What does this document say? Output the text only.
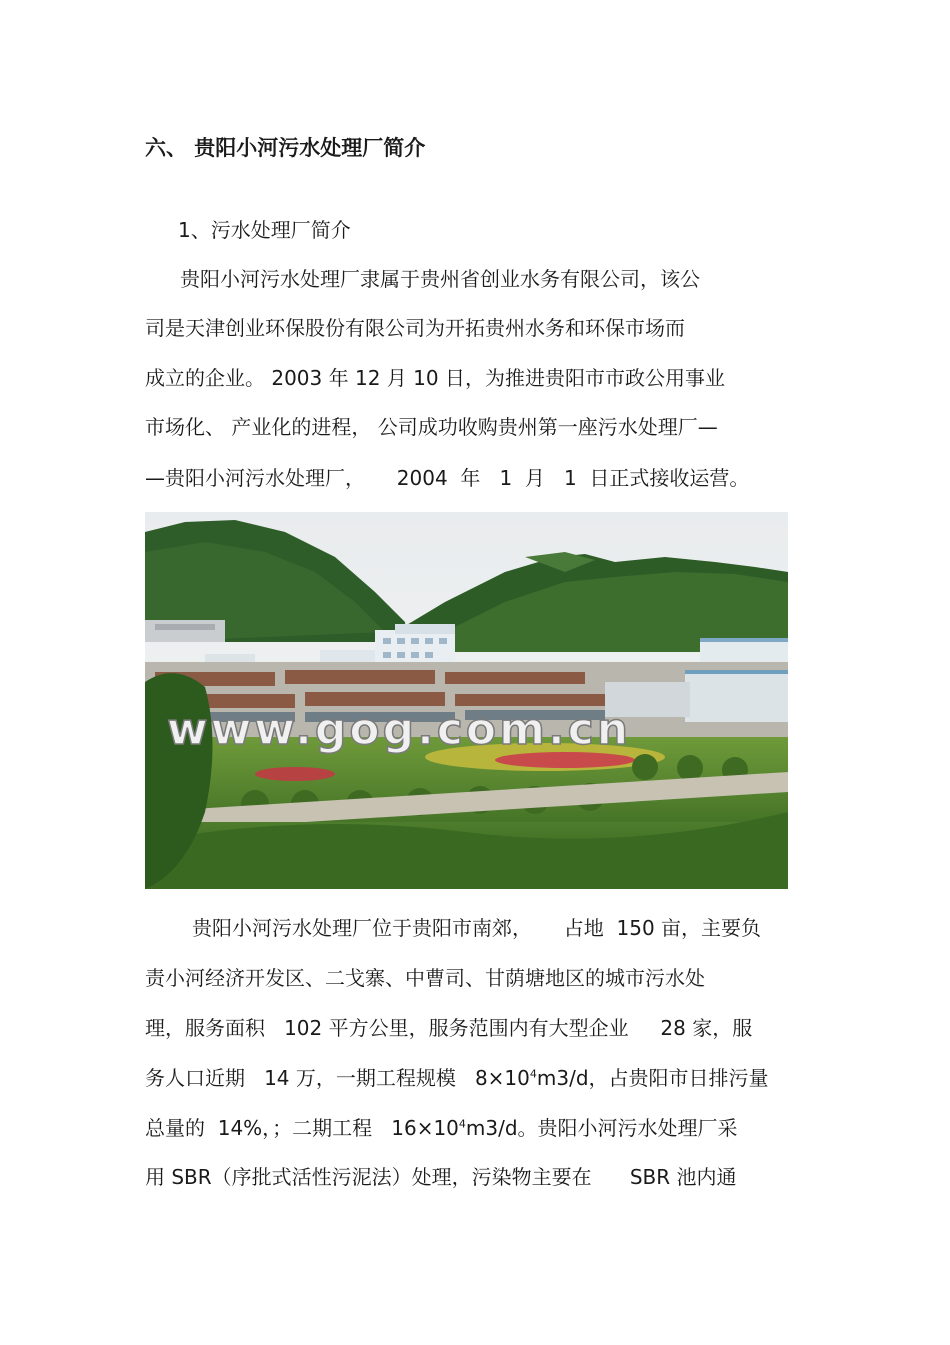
六、 贵阳小河污水处理厂简介
1、污水处理厂简介

贵阳小河污水处理厂隶属于贵州省创业水务有限公司，该公

司是天津创业环保股份有限公司为开拓贵州水务和环保市场而

成立的企业。 2003 年 12 月 10 日，为推进贵阳市市政公用事业

市场化、 产业化的进程， 公司成功收购贵州第一座污水处理厂—

—贵阳小河污水处理厂，     2004  年   1  月   1  日正式接收运营。

www.gog.com.cn

贵阳小河污水处理厂位于贵阳市南郊，     占地  150 亩，主要负

责小河经济开发区、二戈寨、中曹司、甘荫塘地区的城市污水处

理，服务面积   102 平方公里，服务范围内有大型企业     28 家，服

务人口近期   14 万，一期工程规模   $8\times 10^4m3/d$，占贵阳市日排污量

总量的  14%，；二期工程   $16\times 10^4m3/d$。贵阳小河污水处理厂采

用 SBR（序批式活性污泥法）处理，污染物主要在      SBR 池内通
